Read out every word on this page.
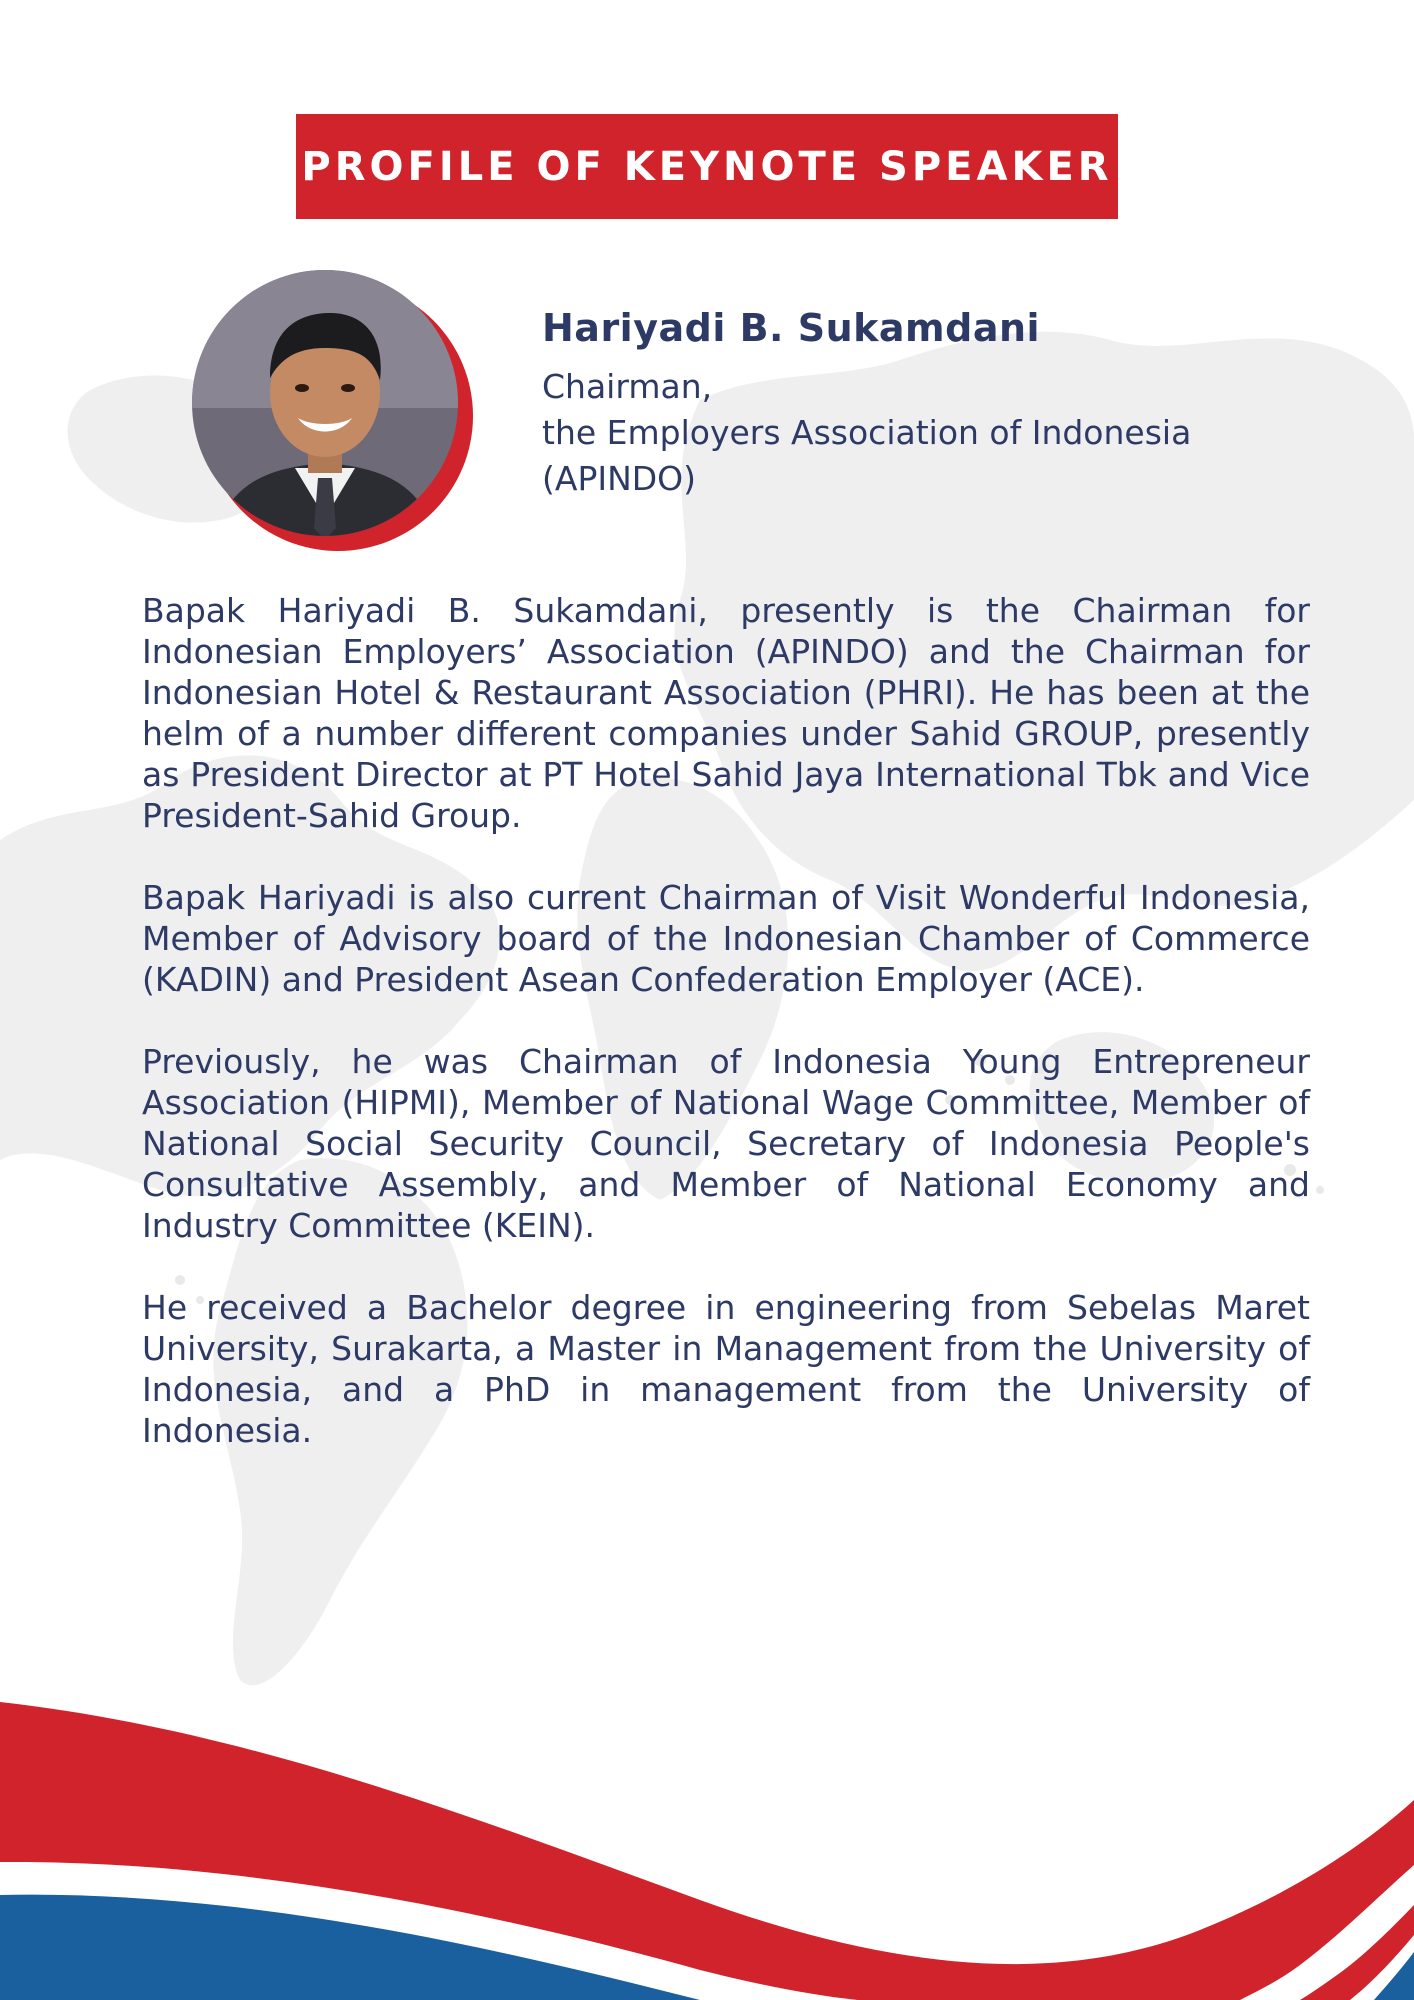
PROFILE OF KEYNOTE SPEAKER
Hariyadi B. Sukamdani
Chairman,
the Employers Association of Indonesia
(APINDO)

Bapak Hariyadi B. Sukamdani, presently is the Chairman for Indonesian Employers’ Association (APINDO) and the Chairman for Indonesian Hotel & Restaurant Association (PHRI). He has been at the helm of a number different companies under Sahid GROUP, presently as President Director at PT Hotel Sahid Jaya International Tbk and Vice President-Sahid Group.

Bapak Hariyadi is also current Chairman of Visit Wonderful Indonesia, Member of Advisory board of the Indonesian Chamber of Commerce (KADIN) and President Asean Confederation Employer (ACE).

Previously, he was Chairman of Indonesia Young Entrepreneur Association (HIPMI), Member of National Wage Committee, Member of National Social Security Council, Secretary of Indonesia People's Consultative Assembly, and Member of National Economy and Industry Committee (KEIN).

He received a Bachelor degree in engineering from Sebelas Maret University, Surakarta, a Master in Management from the University of Indonesia, and a PhD in management from the University of Indonesia.
